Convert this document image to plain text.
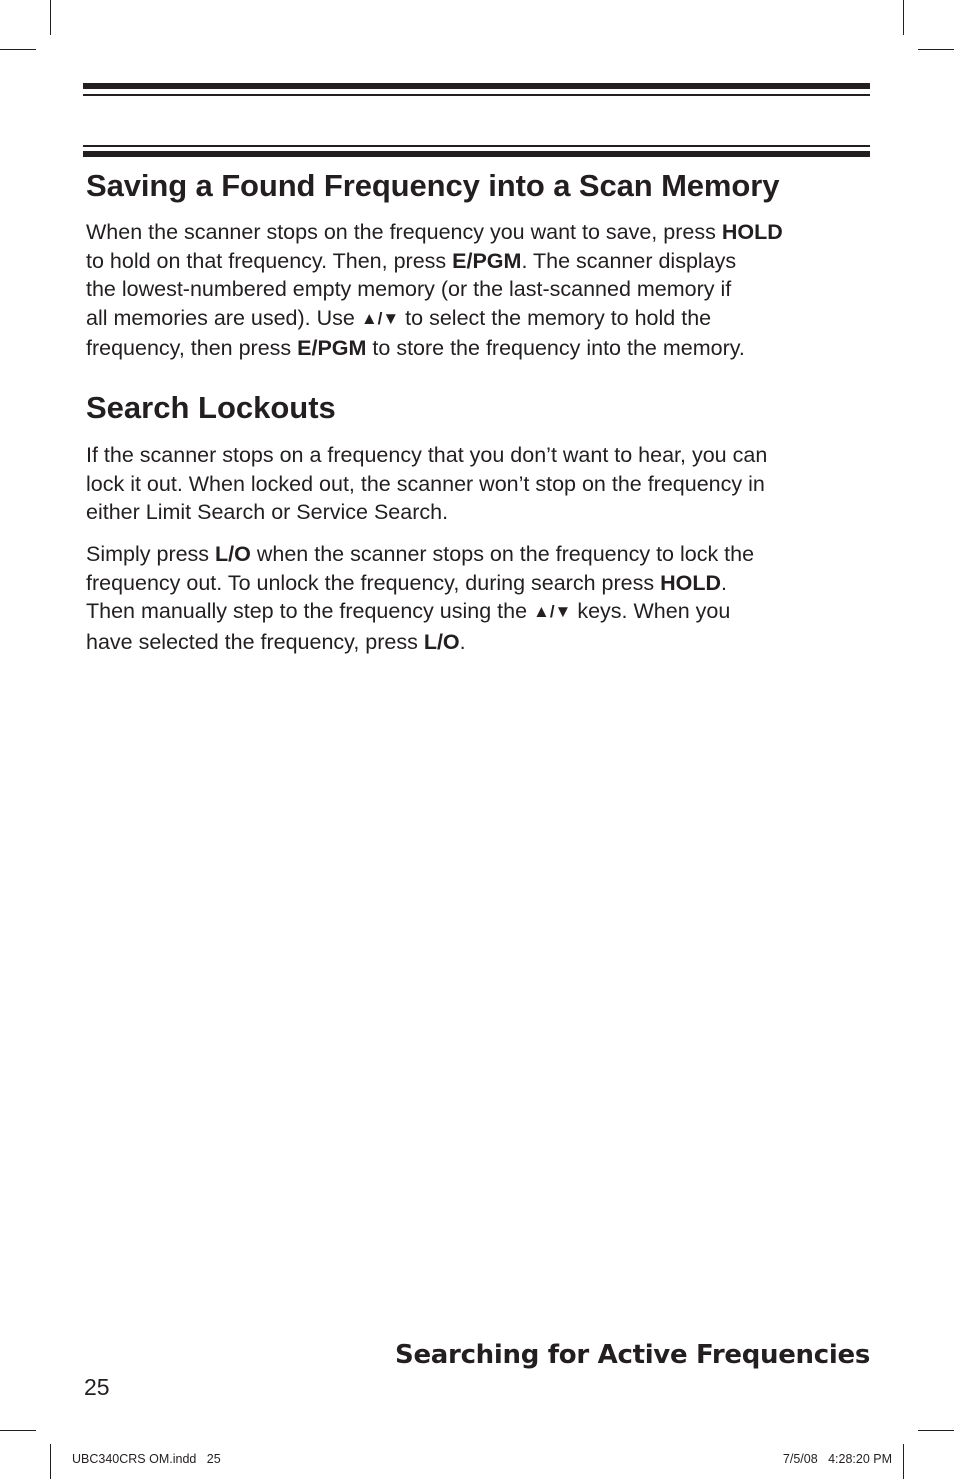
Saving a Found Frequency into a Scan Memory
When the scanner stops on the frequency you want to save, press HOLD
to hold on that frequency. Then, press E/PGM. The scanner displays
the lowest-numbered empty memory (or the last-scanned memory if
all memories are used). Use ▲/▼ to select the memory to hold the
frequency, then press E/PGM to store the frequency into the memory.
Search Lockouts
If the scanner stops on a frequency that you don’t want to hear, you can
lock it out. When locked out, the scanner won’t stop on the frequency in
either Limit Search or Service Search.
Simply press L/O when the scanner stops on the frequency to lock the
frequency out. To unlock the frequency, during search press HOLD.
Then manually step to the frequency using the ▲/▼ keys. When you
have selected the frequency, press L/O.

Searching for Active Frequencies

25

UBC340CRS OM.indd   25	7/5/08   4:28:20 PM
